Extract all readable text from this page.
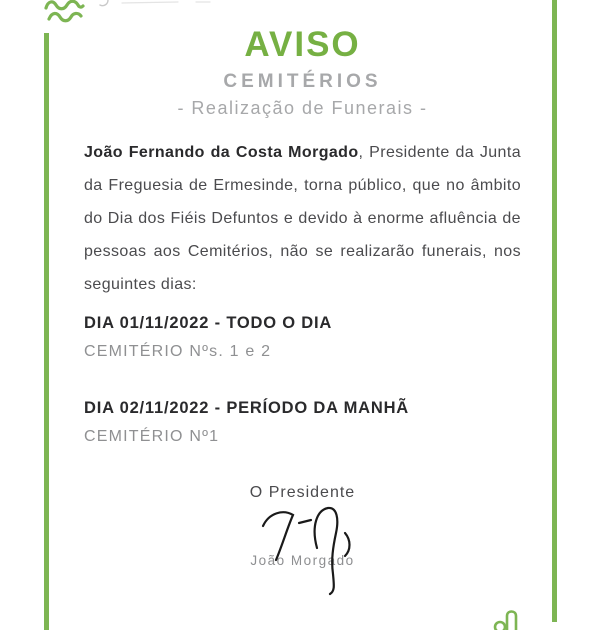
AVISO
CEMITÉRIOS
- Realização de Funerais -
João Fernando da Costa Morgado, Presidente da Junta da Freguesia de Ermesinde, torna público, que no âmbito do Dia dos Fiéis Defuntos e devido à enorme afluência de pessoas aos Cemitérios, não se realizarão funerais, nos seguintes dias:
DIA 01/11/2022 - TODO O DIA
CEMITÉRIO Nºs. 1 e 2
DIA 02/11/2022 - PERÍODO DA MANHÃ
CEMITÉRIO Nº1
O Presidente
João Morgado
